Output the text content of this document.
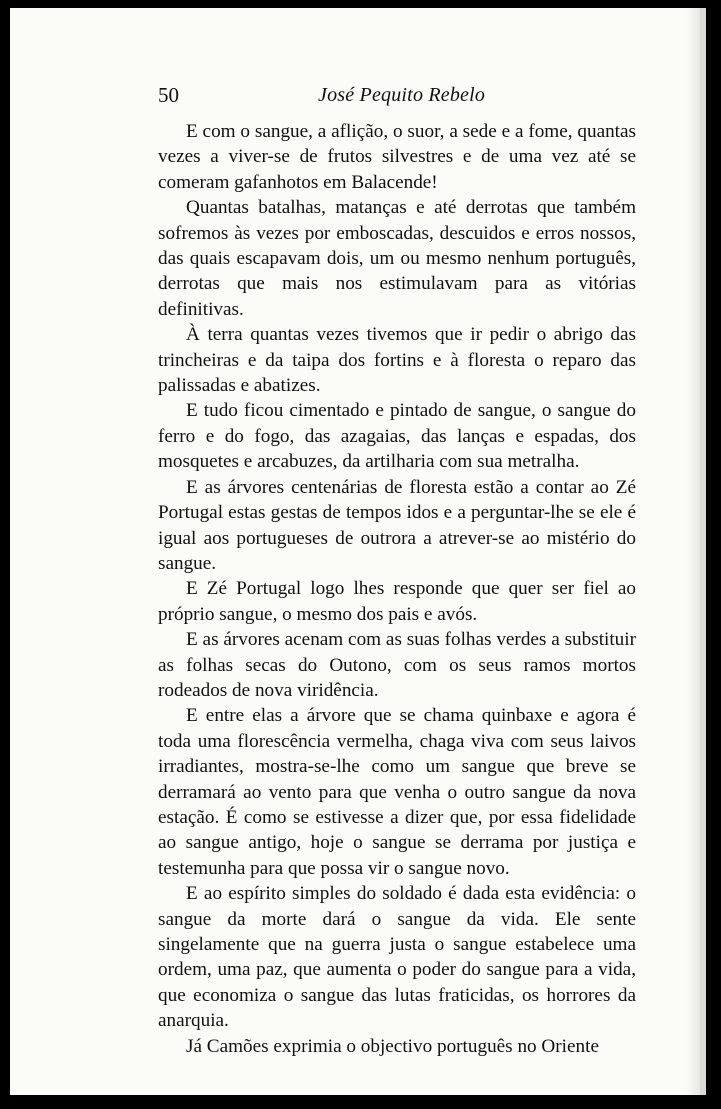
50	José Pequito Rebelo

E com o sangue, a aflição, o suor, a sede e a fome, quantas vezes a viver-se de frutos silvestres e de uma vez até se comeram gafanhotos em Balacende!

Quantas batalhas, matanças e até derrotas que também sofremos às vezes por emboscadas, descuidos e erros nossos, das quais escapavam dois, um ou mesmo nenhum português, derrotas que mais nos estimulavam para as vitórias definitivas.

À terra quantas vezes tivemos que ir pedir o abrigo das trincheiras e da taipa dos fortins e à floresta o reparo das palissadas e abatizes.

E tudo ficou cimentado e pintado de sangue, o sangue do ferro e do fogo, das azagaias, das lanças e espadas, dos mosquetes e arcabuzes, da artilharia com sua metralha.

E as árvores centenárias de floresta estão a contar ao Zé Portugal estas gestas de tempos idos e a perguntar-lhe se ele é igual aos portugueses de outrora a atrever-se ao mistério do sangue.

E Zé Portugal logo lhes responde que quer ser fiel ao próprio sangue, o mesmo dos pais e avós.

E as árvores acenam com as suas folhas verdes a substituir as folhas secas do Outono, com os seus ramos mortos rodeados de nova viridência.

E entre elas a árvore que se chama quinbaxe e agora é toda uma florescência vermelha, chaga viva com seus laivos irradiantes, mostra-se-lhe como um sangue que breve se derramará ao vento para que venha o outro sangue da nova estação. É como se estivesse a dizer que, por essa fidelidade ao sangue antigo, hoje o sangue se derrama por justiça e testemunha para que possa vir o sangue novo.

E ao espírito simples do soldado é dada esta evidência: o sangue da morte dará o sangue da vida. Ele sente singelamente que na guerra justa o sangue estabelece uma ordem, uma paz, que aumenta o poder do sangue para a vida, que economiza o sangue das lutas fraticidas, os horrores da anarquia.

Já Camões exprimia o objectivo português no Oriente
